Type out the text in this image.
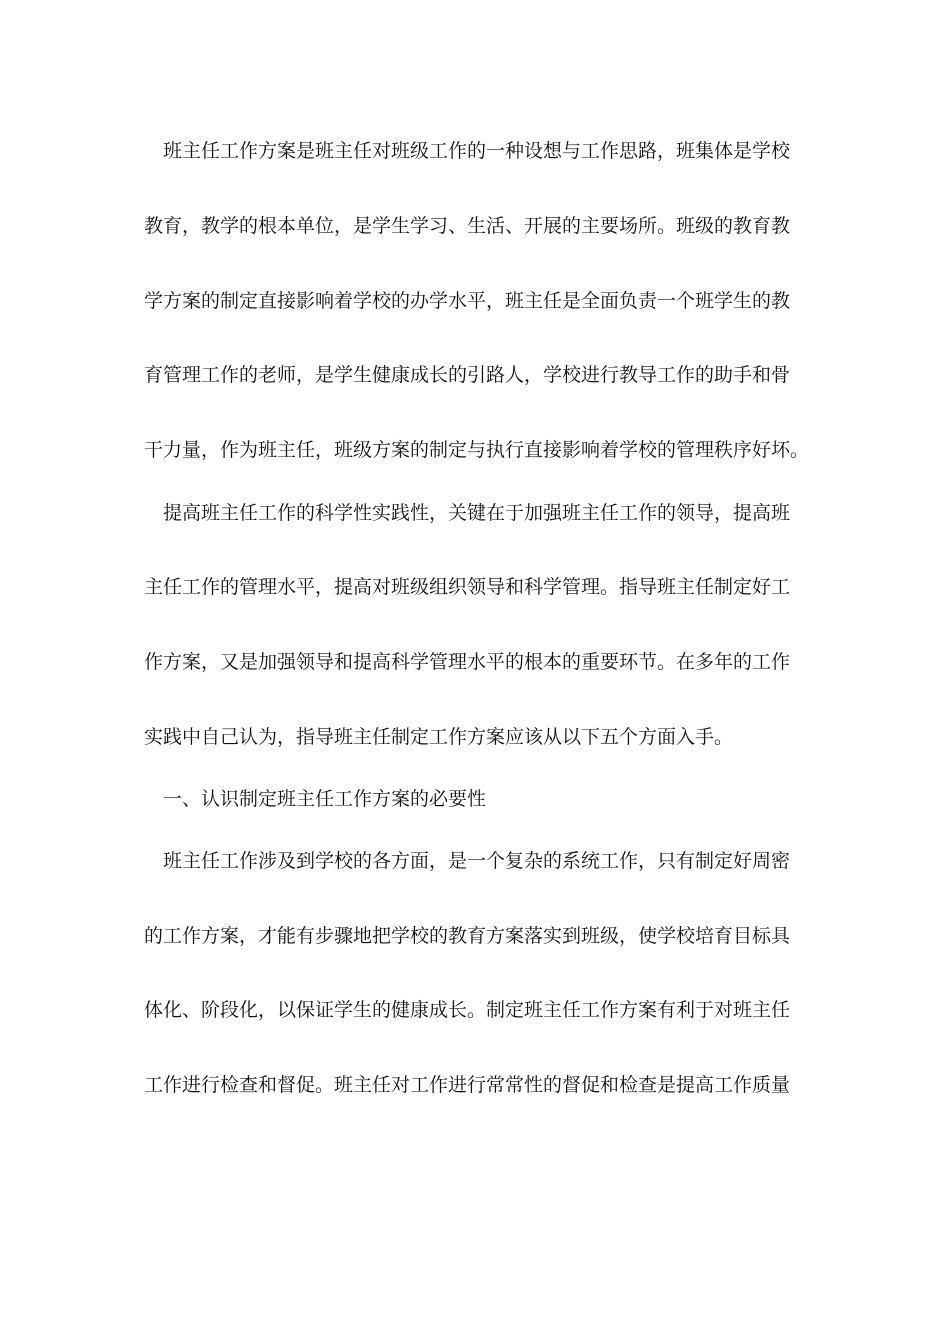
班主任工作方案是班主任对班级工作的一种设想与工作思路，班集体是学校
教育，教学的根本单位，是学生学习、生活、开展的主要场所。班级的教育教
学方案的制定直接影响着学校的办学水平，班主任是全面负责一个班学生的教
育管理工作的老师，是学生健康成长的引路人，学校进行教导工作的助手和骨
干力量，作为班主任，班级方案的制定与执行直接影响着学校的管理秩序好坏。
提高班主任工作的科学性实践性，关键在于加强班主任工作的领导，提高班
主任工作的管理水平，提高对班级组织领导和科学管理。指导班主任制定好工
作方案，又是加强领导和提高科学管理水平的根本的重要环节。在多年的工作
实践中自己认为，指导班主任制定工作方案应该从以下五个方面入手。
一、认识制定班主任工作方案的必要性
班主任工作涉及到学校的各方面，是一个复杂的系统工作，只有制定好周密
的工作方案，才能有步骤地把学校的教育方案落实到班级，使学校培育目标具
体化、阶段化，以保证学生的健康成长。制定班主任工作方案有利于对班主任
工作进行检查和督促。班主任对工作进行常常性的督促和检查是提高工作质量
